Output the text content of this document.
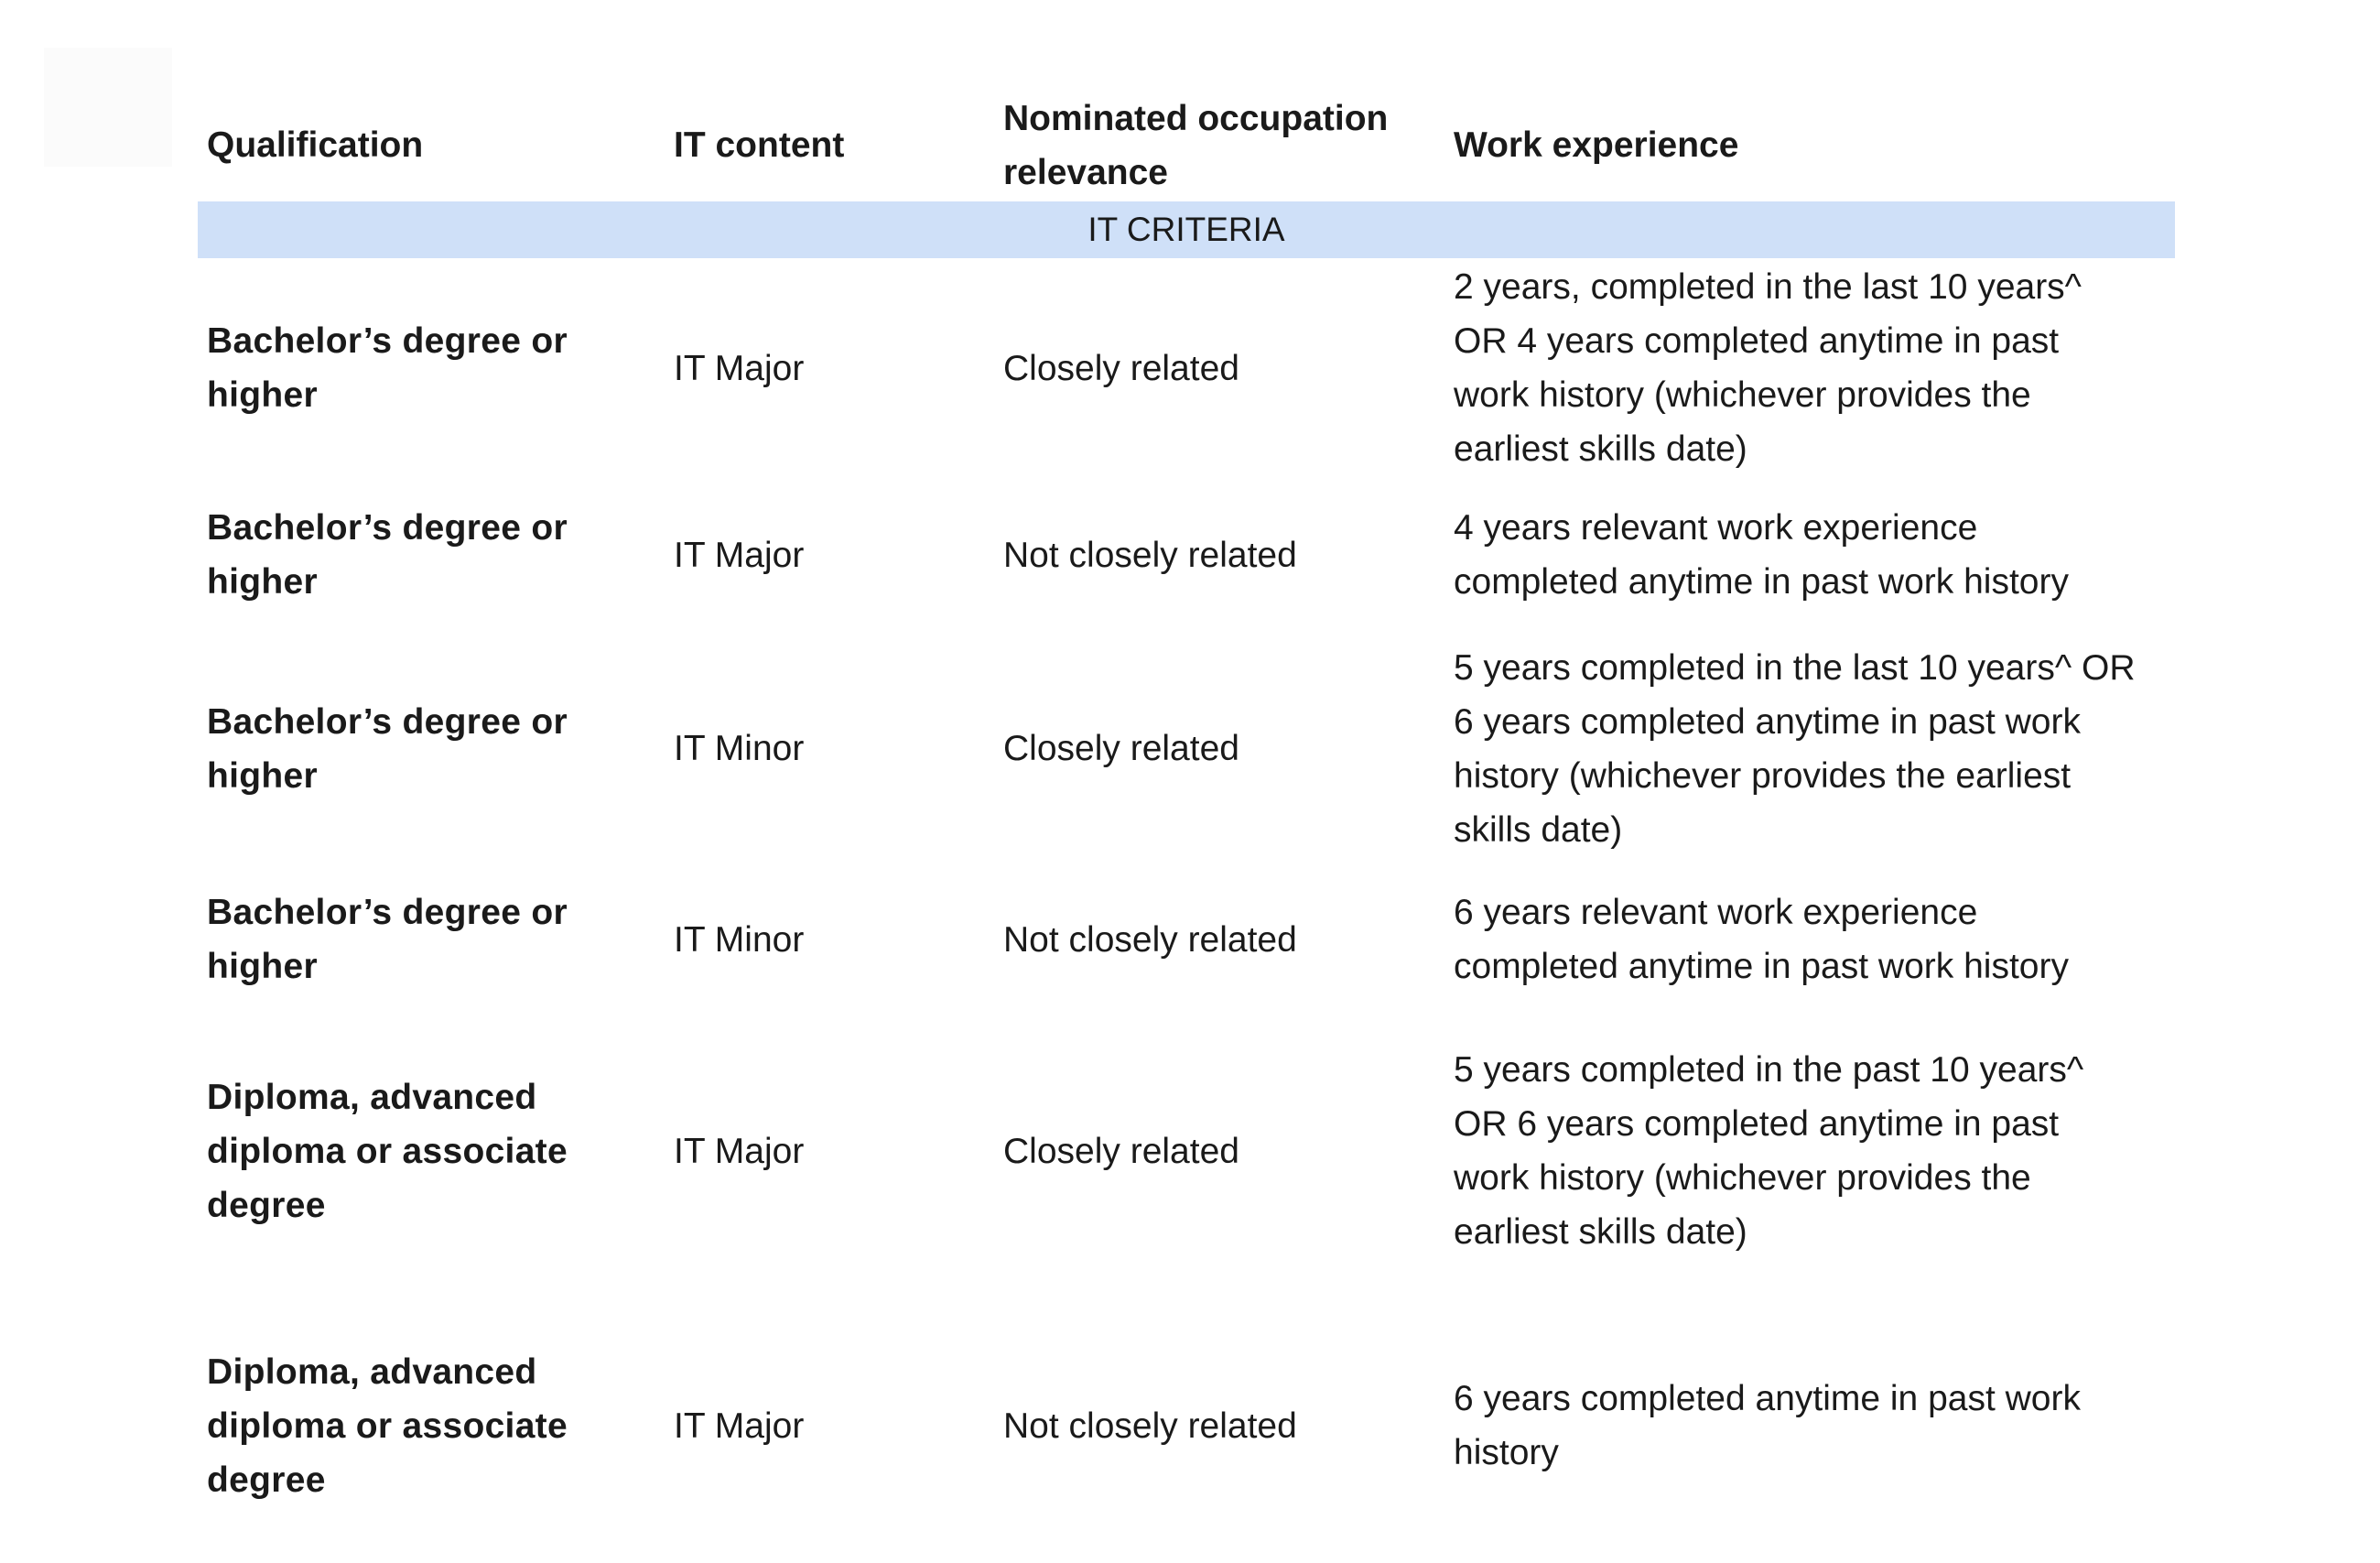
Qualification	IT content	Nominated occupation relevance	Work experience
IT CRITERIA			
Bachelor’s degree or higher	IT Major	Closely related	2 years, completed in the last 10 years^ OR 4 years completed anytime in past work history (whichever provides the earliest skills date)
Bachelor’s degree or higher	IT Major	Not closely related	4 years relevant work experience completed anytime in past work history
Bachelor’s degree or higher	IT Minor	Closely related	5 years completed in the last 10 years^ OR 6 years completed anytime in past work history (whichever provides the earliest skills date)
Bachelor’s degree or higher	IT Minor	Not closely related	6 years relevant work experience completed anytime in past work history
Diploma, advanced diploma or associate degree	IT Major	Closely related	5 years completed in the past 10 years^ OR 6 years completed anytime in past work history (whichever provides the earliest skills date)
Diploma, advanced diploma or associate degree	IT Major	Not closely related	6 years completed anytime in past work history
